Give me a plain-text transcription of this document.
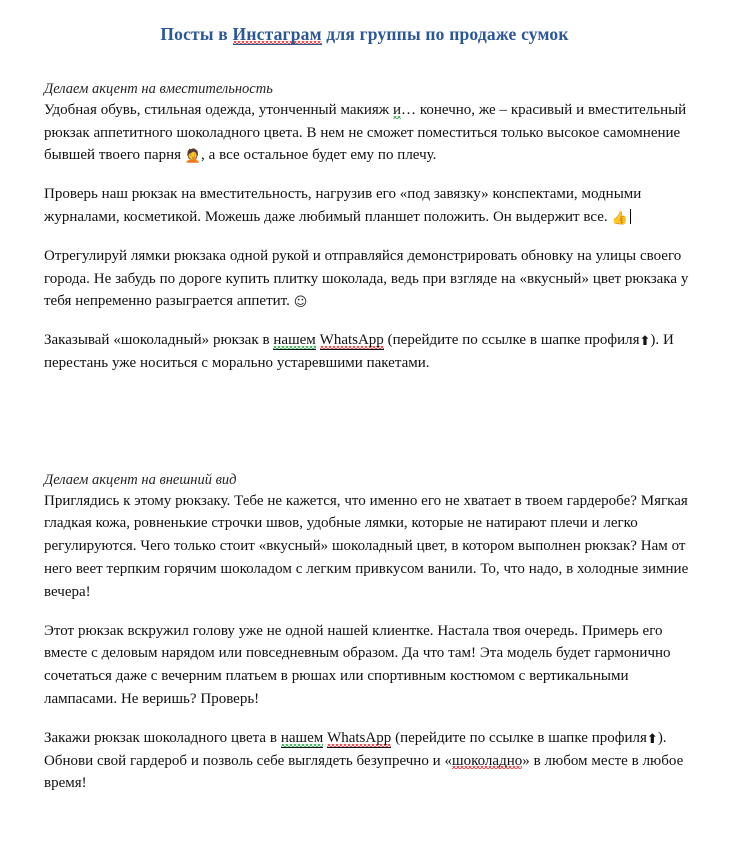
Посты в Инстаграм для группы по продаже сумок
Делаем акцент на вместительность

Удобная обувь, стильная одежда, утонченный макияж и… конечно, же – красивый и вместительный рюкзак аппетитного шоколадного цвета. В нем не сможет поместиться только высокое самомнение бывшей твоего парня 🤦, а все остальное будет ему по плечу.

Проверь наш рюкзак на вместительность, нагрузив его «под завязку» конспектами, модными журналами, косметикой. Можешь даже любимый планшет положить. Он выдержит все. 👍

Отрегулируй лямки рюкзака одной рукой и отправляйся демонстрировать обновку на улицы своего города. Не забудь по дороге купить плитку шоколада, ведь при взгляде на «вкусный» цвет рюкзака у тебя непременно разыграется аппетит. ☺

Заказывай «шоколадный» рюкзак в нашем WhatsApp (перейдите по ссылке в шапке профиля⬆). И перестань уже носиться с морально устаревшими пакетами.

Делаем акцент на внешний вид

Приглядись к этому рюкзаку. Тебе не кажется, что именно его не хватает в твоем гардеробе? Мягкая гладкая кожа, ровненькие строчки швов, удобные лямки, которые не натирают плечи и легко регулируются. Чего только стоит «вкусный» шоколадный цвет, в котором выполнен рюкзак? Нам от него веет терпким горячим шоколадом с легким привкусом ванили. То, что надо, в холодные зимние вечера!

Этот рюкзак вскружил голову уже не одной нашей клиентке. Настала твоя очередь. Примерь его вместе с деловым нарядом или повседневным образом. Да что там! Эта модель будет гармонично сочетаться даже с вечерним платьем в рюшах или спортивным костюмом с вертикальными лампасами. Не веришь? Проверь!

Закажи рюкзак шоколадного цвета в нашем WhatsApp (перейдите по ссылке в шапке профиля⬆). Обнови свой гардероб и позволь себе выглядеть безупречно и «шоколадно» в любом месте в любое время!
